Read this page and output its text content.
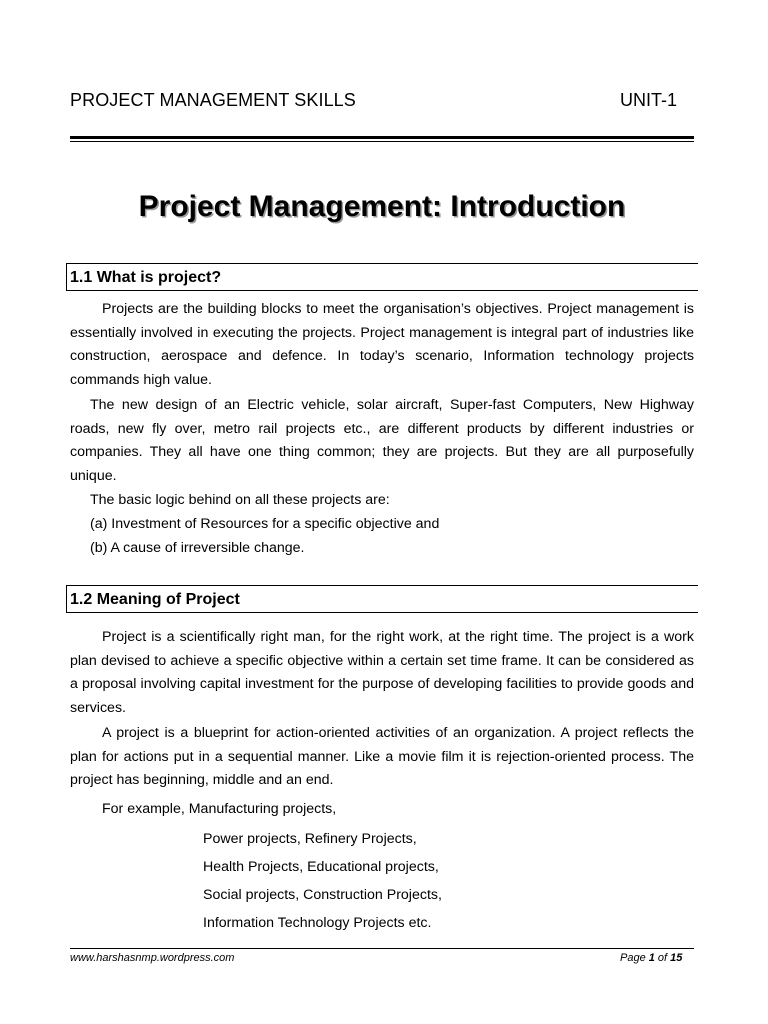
PROJECT MANAGEMENT SKILLS	UNIT-1
Project Management: Introduction
1.1 What is project?

Projects are the building blocks to meet the organisation’s objectives. Project management is essentially involved in executing the projects. Project management is integral part of industries like construction, aerospace and defence. In today’s scenario, Information technology projects commands high value.

The new design of an Electric vehicle, solar aircraft, Super-fast Computers, New Highway roads, new fly over, metro rail projects etc., are different products by different industries or companies. They all have one thing common; they are projects. But they are all purposefully unique.

The basic logic behind on all these projects are:
(a) Investment of Resources for a specific objective and
(b) A cause of irreversible change.
1.2 Meaning of Project

Project is a scientifically right man, for the right work, at the right time. The project is a work plan devised to achieve a specific objective within a certain set time frame. It can be considered as a proposal involving capital investment for the purpose of developing facilities to provide goods and services.

A project is a blueprint for action-oriented activities of an organization. A project reflects the plan for actions put in a sequential manner. Like a movie film it is rejection-oriented process. The project has beginning, middle and an end.

For example, Manufacturing projects,
Power projects, Refinery Projects,
Health Projects, Educational projects,
Social projects, Construction Projects,
Information Technology Projects etc.
www.harshasnmp.wordpress.com	Page 1 of 15
